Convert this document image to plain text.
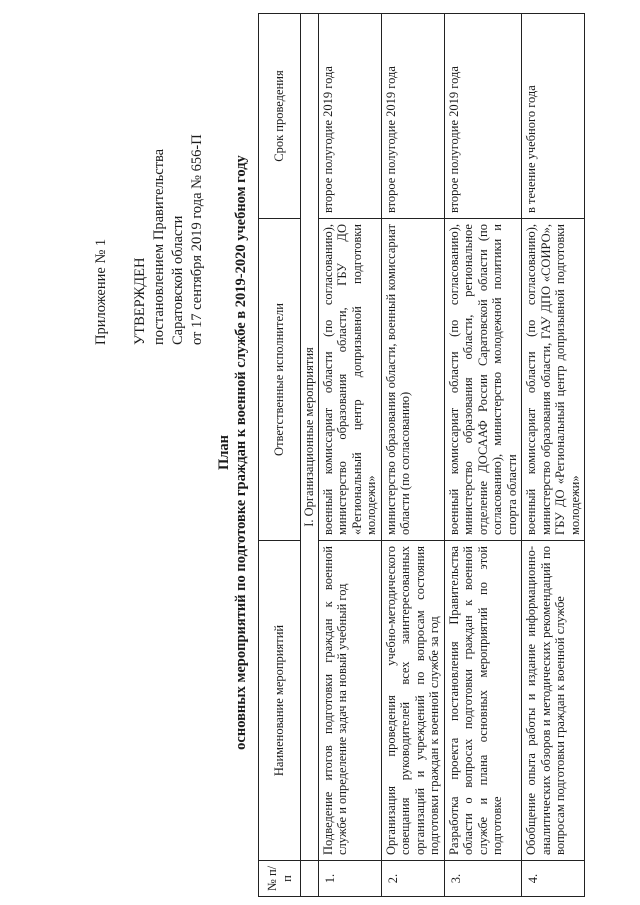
Приложение № 1 УТВЕРЖДЕН постановлением Правительства Саратовской области от 17 сентября 2019 года № 656-П
План основных мероприятий по подготовке граждан к военной службе в 2019-2020 учебном году
№ п/п	Наименование мероприятий	Ответственные исполнители	Срок проведения
	I. Организационные мероприятия		
1.	Подведение итогов подготовки граждан к военной службе и определение задач на новый учебный год	военный комиссариат области (по согласованию), министерство образования области, ГБУ ДО «Региональный центр допризывной подготовки молодежи»	второе полугодие 2019 года
2.	Организация проведения учебно-методического совещания руководителей всех заинтересованных организаций и учреждений по вопросам состояния подготовки граждан к военной службе за год	министерство образования области, военный комиссариат области (по согласованию)	второе полугодие 2019 года
3.	Разработка проекта постановления Правительства области о вопросах подготовки граждан к военной службе и плана основных мероприятий по этой подготовке	военный комиссариат области (по согласованию), министерство образования области, региональное отделение ДОСААФ России Саратовской области (по согласованию), министерство молодежной политики и спорта области	второе полугодие 2019 года
4.	Обобщение опыта работы и издание информационно-аналитических обзоров и методических рекомендаций по вопросам подготовки граждан к военной службе	военный комиссариат области (по согласованию), министерство образования области, ГАУ ДПО «СОИРО», ГБУ ДО «Региональный центр допризывной подготовки молодежи»	в течение учебного года
